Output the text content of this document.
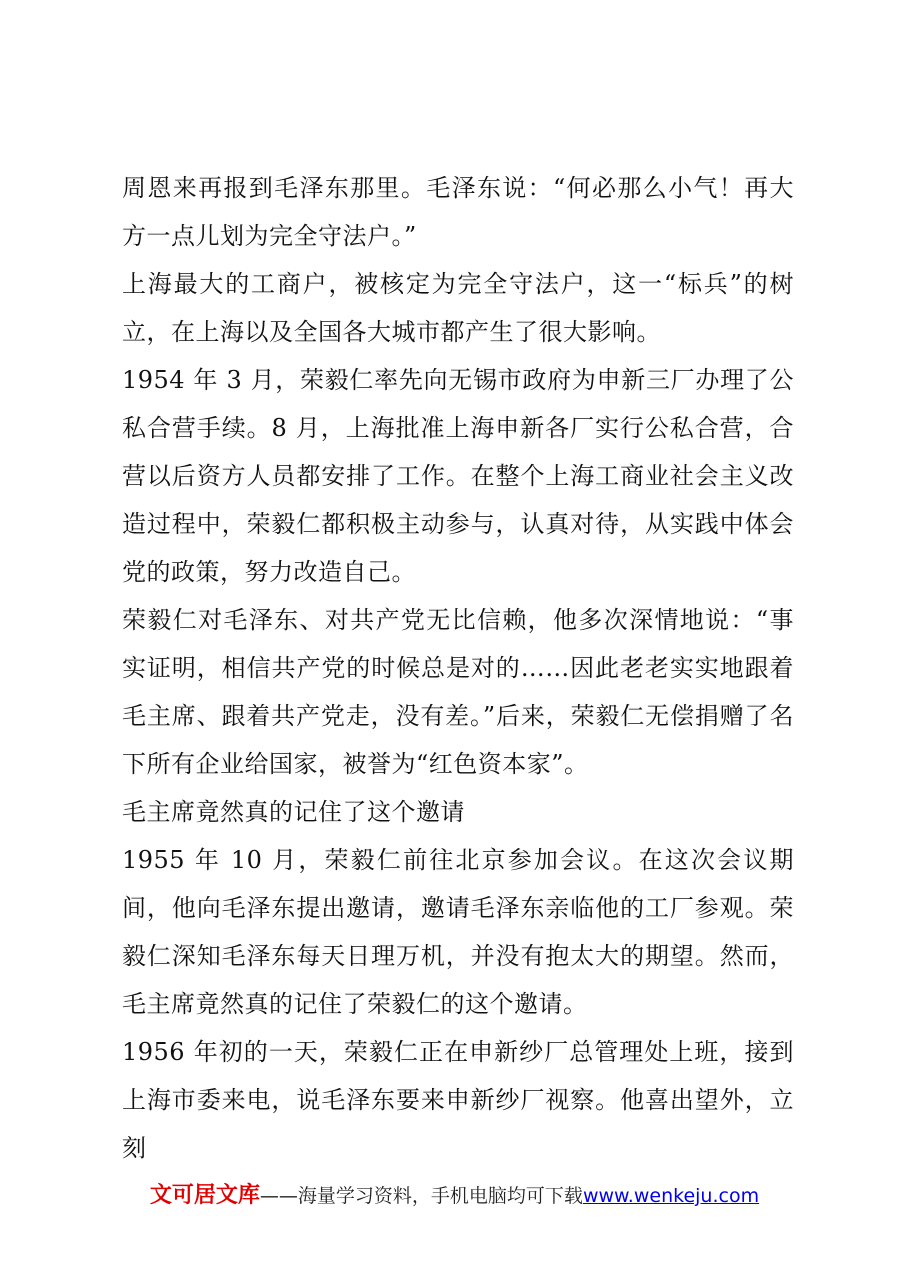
周恩来再报到毛泽东那里。毛泽东说：“何必那么小气！再大方一点儿划为完全守法户。”

上海最大的工商户，被核定为完全守法户，这一“标兵”的树立，在上海以及全国各大城市都产生了很大影响。

1954 年 3 月，荣毅仁率先向无锡市政府为申新三厂办理了公私合营手续。8 月，上海批准上海申新各厂实行公私合营，合营以后资方人员都安排了工作。在整个上海工商业社会主义改造过程中，荣毅仁都积极主动参与，认真对待，从实践中体会党的政策，努力改造自己。

荣毅仁对毛泽东、对共产党无比信赖，他多次深情地说：“事实证明，相信共产党的时候总是对的……因此老老实实地跟着毛主席、跟着共产党走，没有差。”后来，荣毅仁无偿捐赠了名下所有企业给国家，被誉为“红色资本家”。

毛主席竟然真的记住了这个邀请

1955 年 10 月，荣毅仁前往北京参加会议。在这次会议期间，他向毛泽东提出邀请，邀请毛泽东亲临他的工厂参观。荣毅仁深知毛泽东每天日理万机，并没有抱太大的期望。然而，毛主席竟然真的记住了荣毅仁的这个邀请。

1956 年初的一天，荣毅仁正在申新纱厂总管理处上班，接到上海市委来电，说毛泽东要来申新纱厂视察。他喜出望外，立刻

文可居文库——海量学习资料，手机电脑均可下载www.wenkeju.com
